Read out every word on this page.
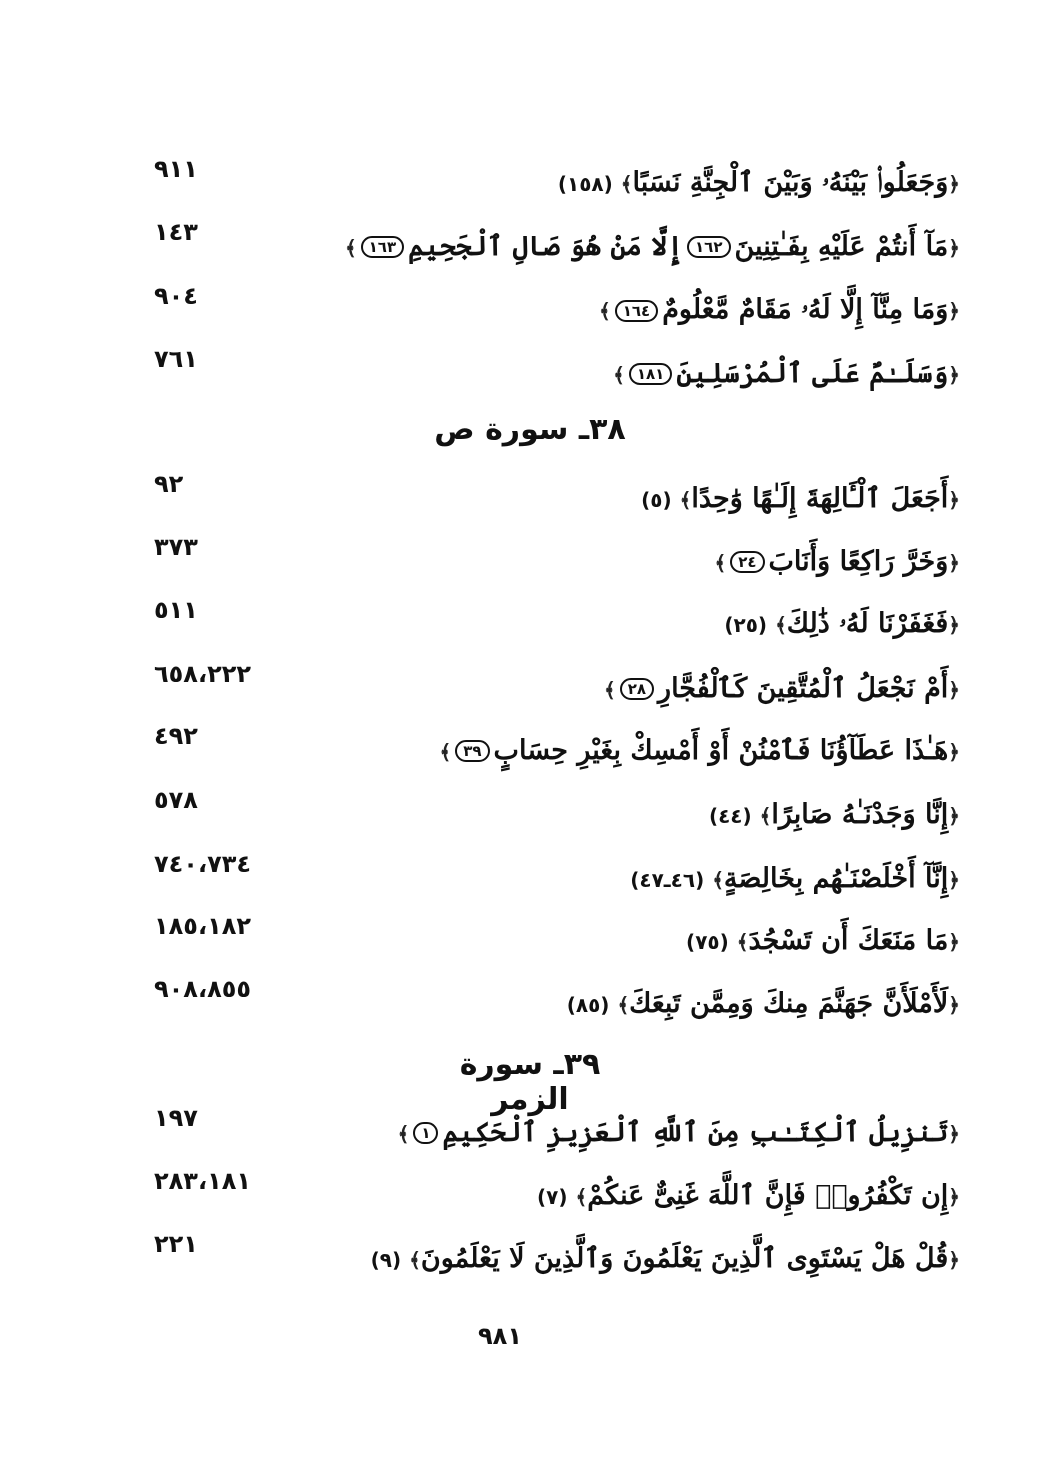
٩١١
﴿وَجَعَلُوا۟ بَيْنَهُۥ وَبَيْنَ ٱلْجِنَّةِ نَسَبًا﴾(١٥٨)
١٤٣
﴿مَآ أَنتُمْ عَلَيْهِ بِفَـٰتِنِينَ١٦٢إِلَّا مَنْ هُوَ صَالِ ٱلْجَحِيمِ١٦٣﴾
٩٠٤
﴿وَمَا مِنَّآ إِلَّا لَهُۥ مَقَامٌ مَّعْلُومٌ١٦٤﴾
٧٦١
﴿وَسَلَـٰمٌ عَلَى ٱلْمُرْسَلِينَ١٨١﴾
٣٨ـ سورة ص
٩٢
﴿أَجَعَلَ ٱلْـَٔالِهَةَ إِلَـٰهًا وَٰحِدًا﴾(٥)
٣٧٣
﴿وَخَرَّ رَاكِعًا وَأَنَابَ٢٤﴾
٥١١
﴿فَغَفَرْنَا لَهُۥ ذَٰلِكَ﴾(٢٥)
٦٥٨،٢٢٢
﴿أَمْ نَجْعَلُ ٱلْمُتَّقِينَ كَٱلْفُجَّارِ٢٨﴾
٤٩٢
﴿هَـٰذَا عَطَآؤُنَا فَٱمْنُنْ أَوْ أَمْسِكْ بِغَيْرِ حِسَابٍ٣٩﴾
٥٧٨
﴿إِنَّا وَجَدْنَـٰهُ صَابِرًا﴾(٤٤)
٧٤٠،٧٣٤
﴿إِنَّآ أَخْلَصْنَـٰهُم بِخَالِصَةٍ﴾(٤٦ـ٤٧)
١٨٥،١٨٢
﴿مَا مَنَعَكَ أَن تَسْجُدَ﴾(٧٥)
٩٠٨،٨٥٥
﴿لَأَمْلَأَنَّ جَهَنَّمَ مِنكَ وَمِمَّن تَبِعَكَ﴾(٨٥)
٣٩ـ سورة الزمر
١٩٧
﴿تَنزِيلُ ٱلْكِتَـٰبِ مِنَ ٱللَّهِ ٱلْعَزِيزِ ٱلْحَكِيمِ١﴾
٢٨٣،١٨١
﴿إِن تَكْفُرُوا۟ فَإِنَّ ٱللَّهَ غَنِىٌّ عَنكُمْ﴾(٧)
٢٢١
﴿قُلْ هَلْ يَسْتَوِى ٱلَّذِينَ يَعْلَمُونَ وَٱلَّذِينَ لَا يَعْلَمُونَ﴾(٩)
٩٨١
